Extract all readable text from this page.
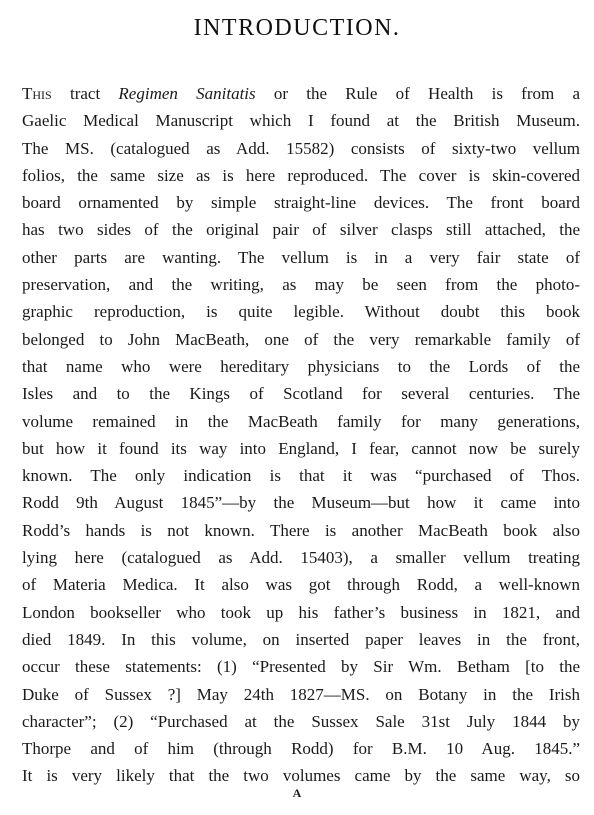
INTRODUCTION.
This tract Regimen Sanitatis or the Rule of Health is from a
Gaelic Medical Manuscript which I found at the British Museum.
The MS. (catalogued as Add. 15582) consists of sixty-two vellum
folios, the same size as is here reproduced. The cover is skin-covered
board ornamented by simple straight-line devices. The front board
has two sides of the original pair of silver clasps still attached, the
other parts are wanting. The vellum is in a very fair state of
preservation, and the writing, as may be seen from the photo-
graphic reproduction, is quite legible. Without doubt this book
belonged to John MacBeath, one of the very remarkable family of
that name who were hereditary physicians to the Lords of the
Isles and to the Kings of Scotland for several centuries. The
volume remained in the MacBeath family for many generations,
but how it found its way into England, I fear, cannot now be surely
known. The only indication is that it was “purchased of Thos.
Rodd 9th August 1845”—by the Museum—but how it came into
Rodd’s hands is not known. There is another MacBeath book also
lying here (catalogued as Add. 15403), a smaller vellum treating
of Materia Medica. It also was got through Rodd, a well-known
London bookseller who took up his father’s business in 1821, and
died 1849. In this volume, on inserted paper leaves in the front,
occur these statements: (1) “Presented by Sir Wm. Betham [to the
Duke of Sussex ?] May 24th 1827—MS. on Botany in the Irish
character”; (2) “Purchased at the Sussex Sale 31st July 1844 by
Thorpe and of him (through Rodd) for B.M. 10 Aug. 1845.”
It is very likely that the two volumes came by the same way, so
A
